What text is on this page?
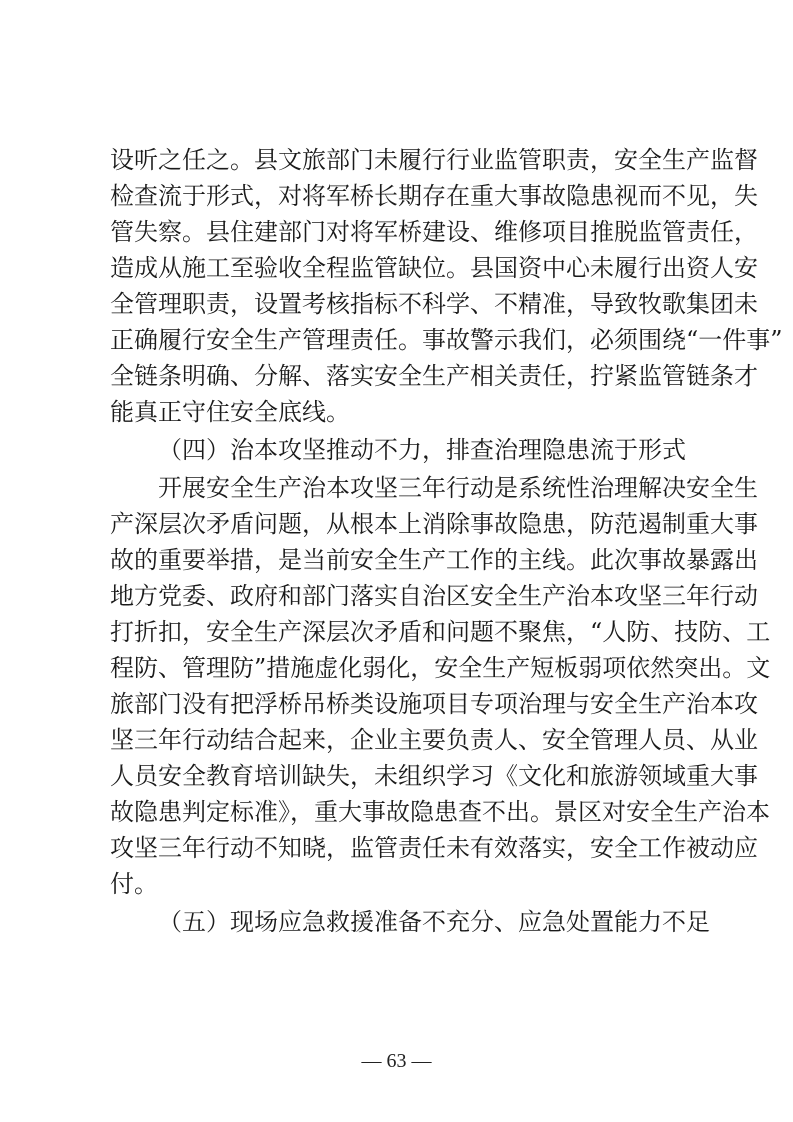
设听之任之。县文旅部门未履行行业监管职责，安全生产监督
检查流于形式，对将军桥长期存在重大事故隐患视而不见，失
管失察。县住建部门对将军桥建设、维修项目推脱监管责任，
造成从施工至验收全程监管缺位。县国资中心未履行出资人安
全管理职责，设置考核指标不科学、不精准，导致牧歌集团未
正确履行安全生产管理责任。事故警示我们，必须围绕“一件事”
全链条明确、分解、落实安全生产相关责任，拧紧监管链条才
能真正守住安全底线。
（四）治本攻坚推动不力，排查治理隐患流于形式
开展安全生产治本攻坚三年行动是系统性治理解决安全生
产深层次矛盾问题，从根本上消除事故隐患，防范遏制重大事
故的重要举措，是当前安全生产工作的主线。此次事故暴露出
地方党委、政府和部门落实自治区安全生产治本攻坚三年行动
打折扣，安全生产深层次矛盾和问题不聚焦，“人防、技防、工
程防、管理防”措施虚化弱化，安全生产短板弱项依然突出。文
旅部门没有把浮桥吊桥类设施项目专项治理与安全生产治本攻
坚三年行动结合起来，企业主要负责人、安全管理人员、从业
人员安全教育培训缺失，未组织学习《文化和旅游领域重大事
故隐患判定标准》，重大事故隐患查不出。景区对安全生产治本
攻坚三年行动不知晓，监管责任未有效落实，安全工作被动应
付。
（五）现场应急救援准备不充分、应急处置能力不足
— 63 —
